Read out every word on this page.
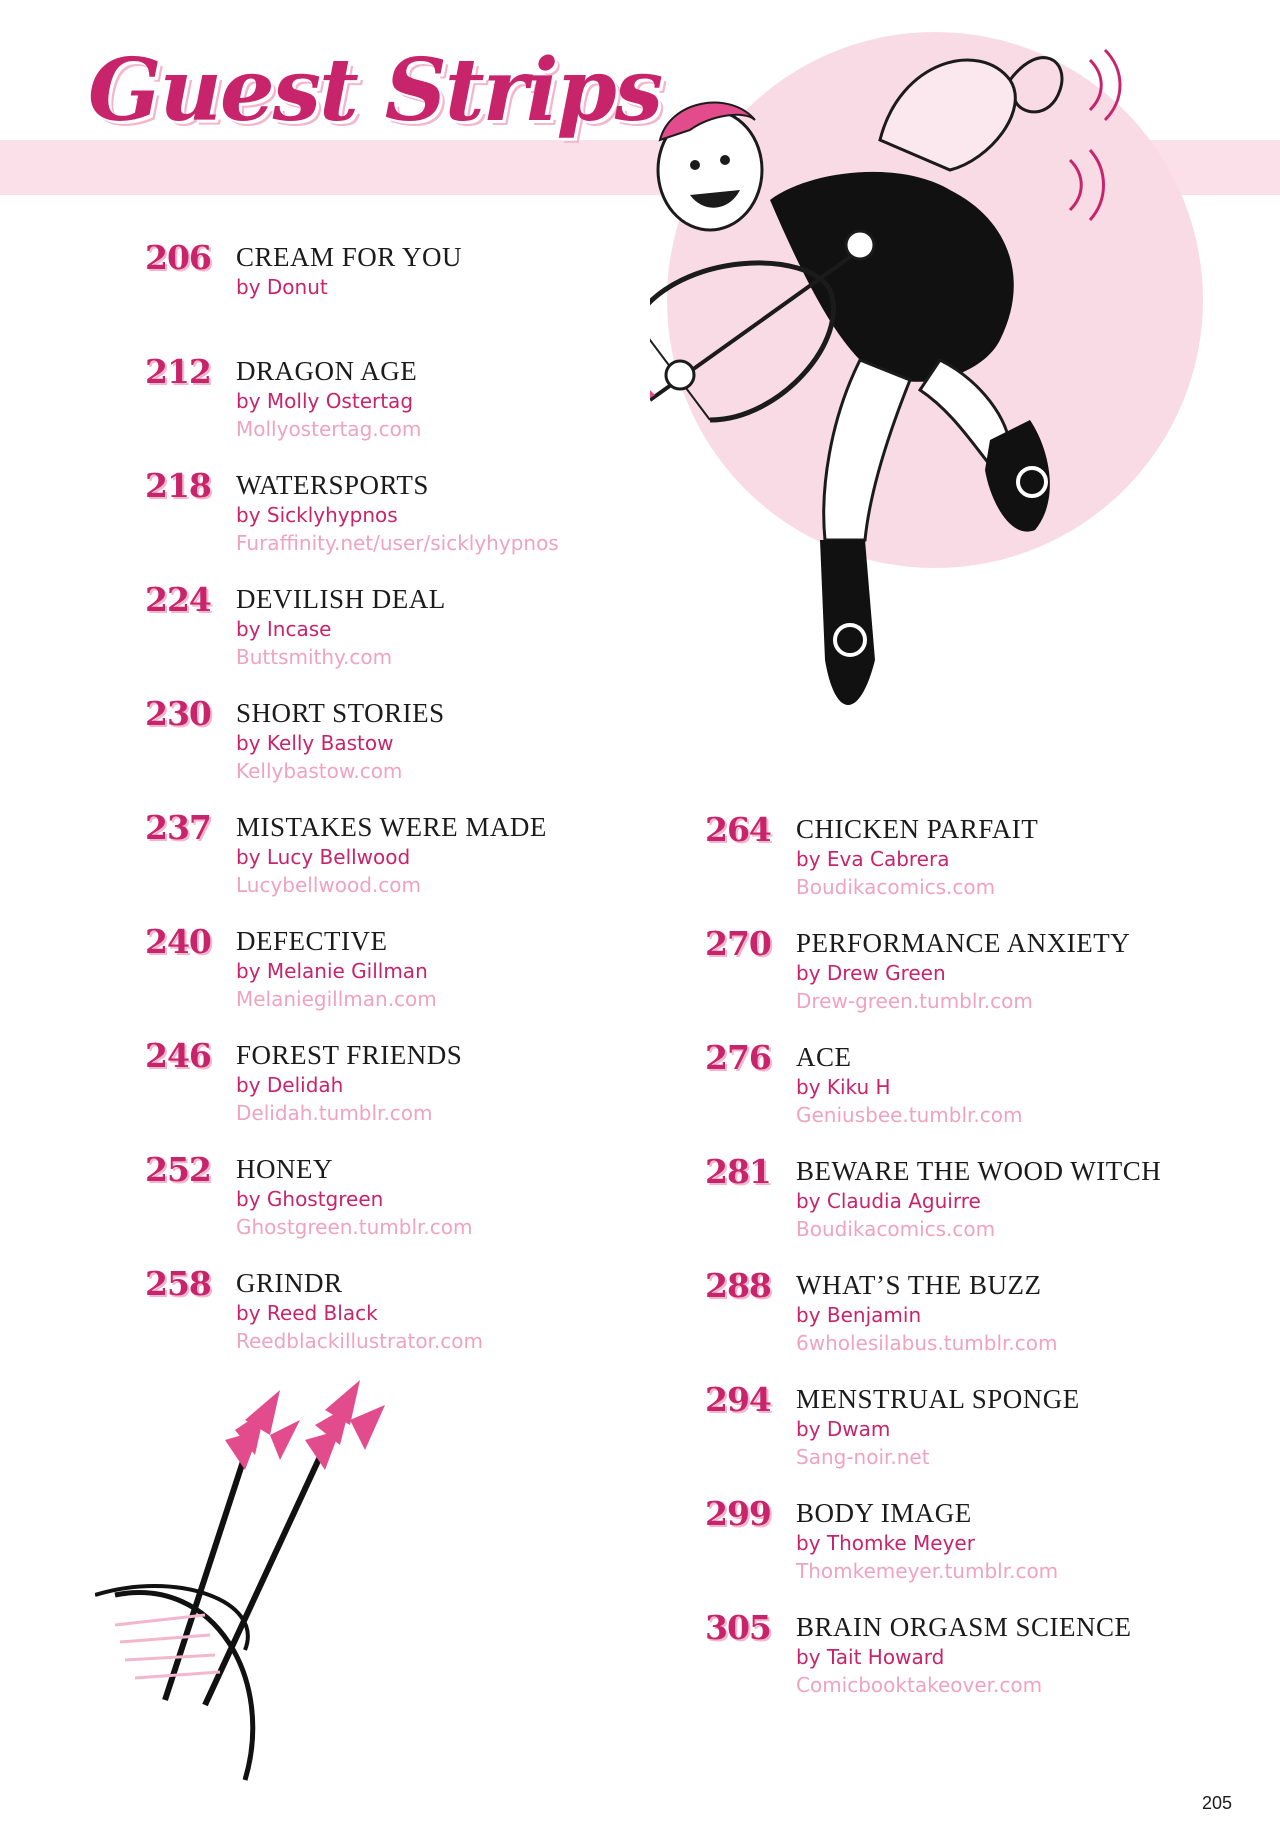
Guest Strips
206 CREAM FOR YOU
by Donut
212 DRAGON AGE
by Molly Ostertag
Mollyostertag.com
218 WATERSPORTS
by Sicklyhypnos
Furaffinity.net/user/sicklyhypnos
224 DEVILISH DEAL
by Incase
Buttsmithy.com
230 SHORT STORIES
by Kelly Bastow
Kellybastow.com
237 MISTAKES WERE MADE
by Lucy Bellwood
Lucybellwood.com
240 DEFECTIVE
by Melanie Gillman
Melaniegillman.com
246 FOREST FRIENDS
by Delidah
Delidah.tumblr.com
252 HONEY
by Ghostgreen
Ghostgreen.tumblr.com
258 GRINDR
by Reed Black
Reedblackillustrator.com
264 CHICKEN PARFAIT
by Eva Cabrera
Boudikacomics.com
270 PERFORMANCE ANXIETY
by Drew Green
Drew-green.tumblr.com
276 ACE
by Kiku H
Geniusbee.tumblr.com
281 BEWARE THE WOOD WITCH
by Claudia Aguirre
Boudikacomics.com
288 WHAT’S THE BUZZ
by Benjamin
6wholesilabus.tumblr.com
294 MENSTRUAL SPONGE
by Dwam
Sang-noir.net
299 BODY IMAGE
by Thomke Meyer
Thomkemeyer.tumblr.com
305 BRAIN ORGASM SCIENCE
by Tait Howard
Comicbooktakeover.com
205
